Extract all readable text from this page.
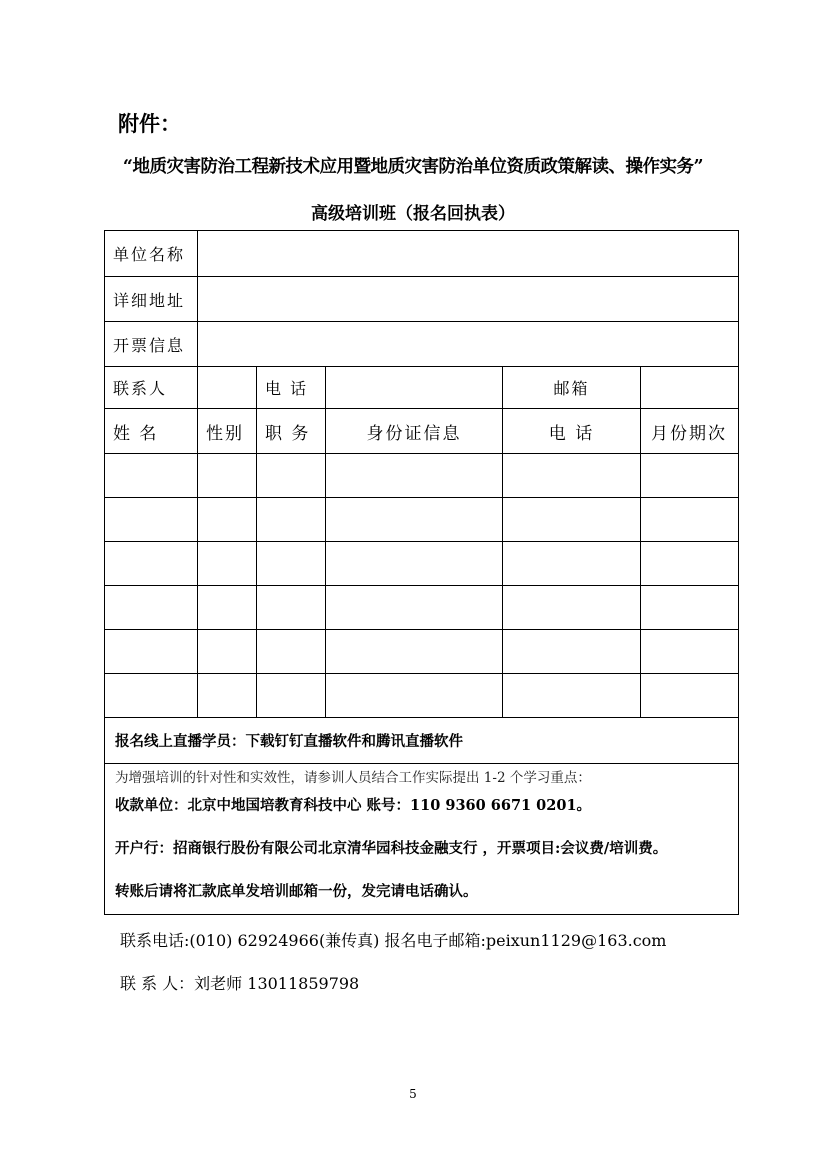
附件：
“地质灾害防治工程新技术应用暨地质灾害防治单位资质政策解读、操作实务”
高级培训班（报名回执表）
单位名称					
详细地址					
开票信息					
联系人		电 话		邮箱	
姓 名	性别	职 务	身份证信息	电 话	月份期次

报名线上直播学员：下载钉钉直播软件和腾讯直播软件					

为增强培训的针对性和实效性，请参训人员结合工作实际提出 1-2 个学习重点：
收款单位：北京中地国培教育科技中心 账号：110 9360 6671 0201。
开户行：招商银行股份有限公司北京清华园科技金融支行 ，开票项目:会议费/培训费。
转账后请将汇款底单发培训邮箱一份，发完请电话确认。					
联系电话:(010) 62924966(兼传真) 报名电子邮箱:peixun1129@163.com
联 系 人：刘老师 13011859798
5
